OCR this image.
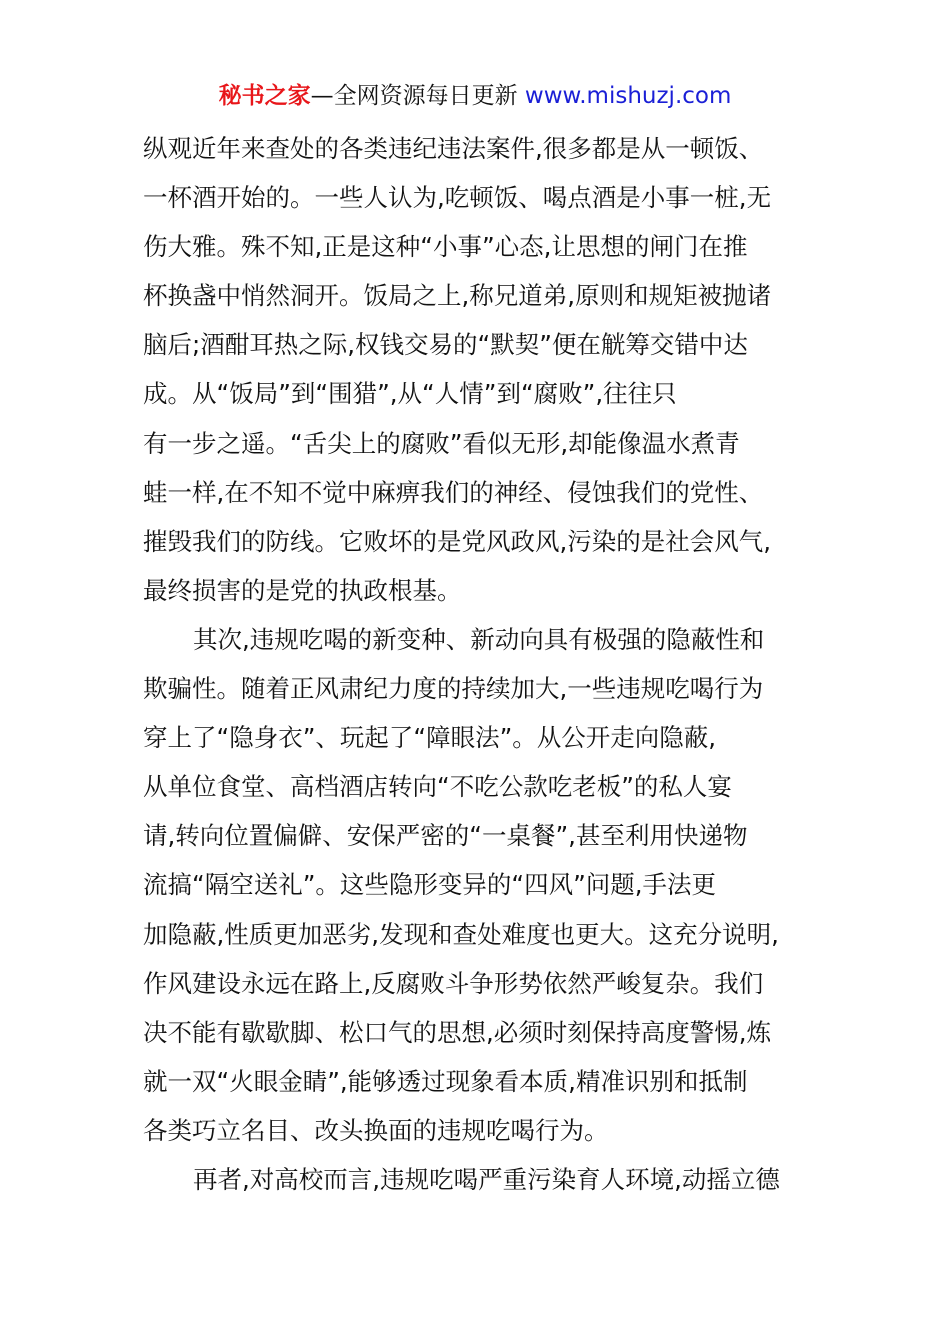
秘书之家—全网资源每日更新 www.mishuzj.com
纵观近年来查处的各类违纪违法案件,很多都是从一顿饭、
一杯酒开始的。一些人认为,吃顿饭、喝点酒是小事一桩,无
伤大雅。殊不知,正是这种“小事”心态,让思想的闸门在推
杯换盏中悄然洞开。饭局之上,称兄道弟,原则和规矩被抛诸
脑后;酒酣耳热之际,权钱交易的“默契”便在觥筹交错中达
成。从“饭局”到“围猎”,从“人情”到“腐败”,往往只
有一步之遥。“舌尖上的腐败”看似无形,却能像温水煮青
蛙一样,在不知不觉中麻痹我们的神经、侵蚀我们的党性、
摧毁我们的防线。它败坏的是党风政风,污染的是社会风气,
最终损害的是党的执政根基。
其次,违规吃喝的新变种、新动向具有极强的隐蔽性和
欺骗性。随着正风肃纪力度的持续加大,一些违规吃喝行为
穿上了“隐身衣”、玩起了“障眼法”。从公开走向隐蔽,
从单位食堂、高档酒店转向“不吃公款吃老板”的私人宴
请,转向位置偏僻、安保严密的“一桌餐”,甚至利用快递物
流搞“隔空送礼”。这些隐形变异的“四风”问题,手法更
加隐蔽,性质更加恶劣,发现和查处难度也更大。这充分说明,
作风建设永远在路上,反腐败斗争形势依然严峻复杂。我们
决不能有歇歇脚、松口气的思想,必须时刻保持高度警惕,炼
就一双“火眼金睛”,能够透过现象看本质,精准识别和抵制
各类巧立名目、改头换面的违规吃喝行为。
再者,对高校而言,违规吃喝严重污染育人环境,动摇立德
